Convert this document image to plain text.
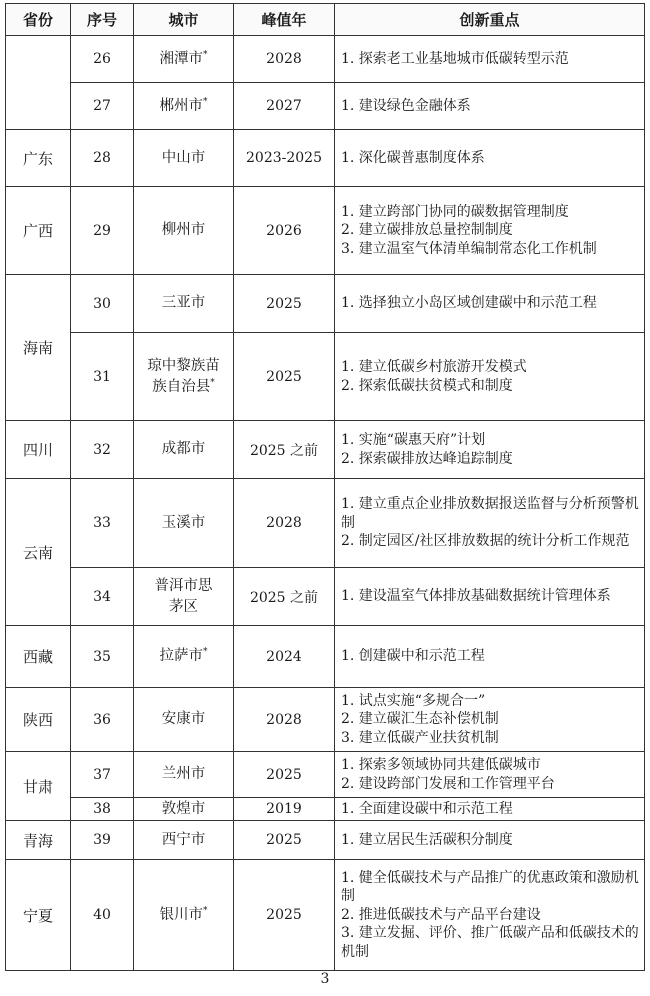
省份	序号	城市	峰值年	创新重点
	26	湘潭市*	2028	1. 探索老工业基地城市低碳转型示范

	27	郴州市*	2027	1. 建设绿色金融体系

广东	28	中山市	2023-2025	1. 深化碳普惠制度体系

广西	29	柳州市	2026	1. 建立跨部门协同的碳数据管理制度
2. 建立碳排放总量控制制度
3. 建立温室气体清单编制常态化工作机制

海南	30	三亚市	2025	1. 选择独立小岛区域创建碳中和示范工程

	31	琼中黎族苗族自治县*	2025	1. 建立低碳乡村旅游开发模式
2. 探索低碳扶贫模式和制度

四川	32	成都市	2025 之前	1. 实施“碳惠天府”计划
2. 探索碳排放达峰追踪制度

云南	33	玉溪市	2028	1. 建立重点企业排放数据报送监督与分析预警机制
2. 制定园区/社区排放数据的统计分析工作规范

	34	普洱市思茅区	2025 之前	1. 建设温室气体排放基础数据统计管理体系

西藏	35	拉萨市*	2024	1. 创建碳中和示范工程

陕西	36	安康市	2028	1. 试点实施“多规合一”
2. 建立碳汇生态补偿机制
3. 建立低碳产业扶贫机制

甘肃	37	兰州市	2025	1. 探索多领域协同共建低碳城市
2. 建设跨部门发展和工作管理平台

	38	敦煌市	2019	1. 全面建设碳中和示范工程

青海	39	西宁市	2025	1. 建立居民生活碳积分制度

宁夏	40	银川市*	2025	1. 健全低碳技术与产品推广的优惠政策和激励机制
2. 推进低碳技术与产品平台建设
3. 建立发掘、评价、推广低碳产品和低碳技术的机制
3
